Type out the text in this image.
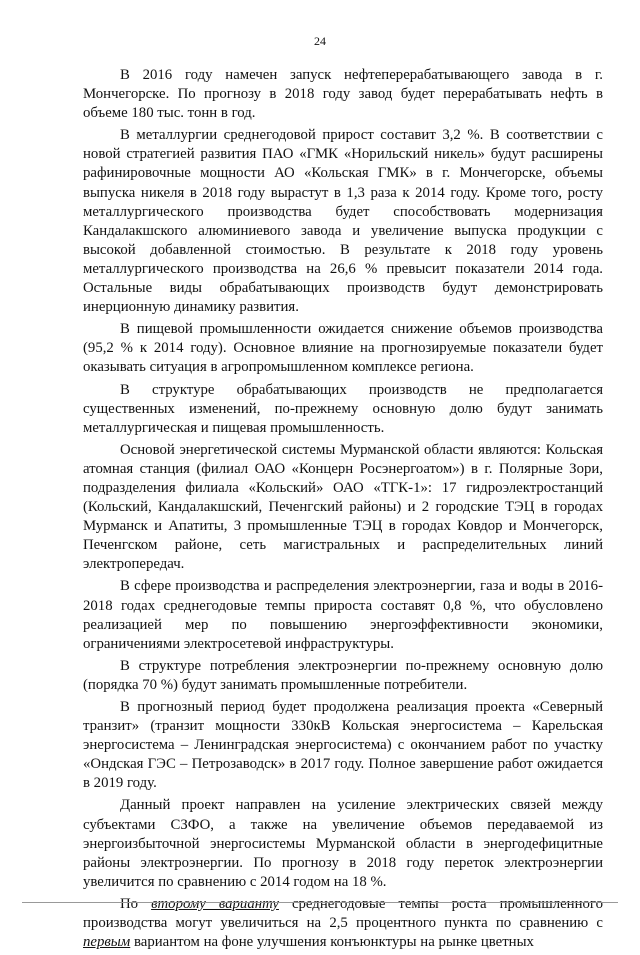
24

В 2016 году намечен запуск нефтеперерабатывающего завода в г. Мончегорске. По прогнозу в 2018 году завод будет перерабатывать нефть в объеме 180 тыс. тонн в год.

В металлургии среднегодовой прирост составит 3,2 %. В соответствии с новой стратегией развития ПАО «ГМК «Норильский никель» будут расширены рафинировочные мощности АО «Кольская ГМК» в г. Мончегорске, объемы выпуска никеля в 2018 году вырастут в 1,3 раза к 2014 году. Кроме того, росту металлургического производства будет способствовать модернизация Кандалакшского алюминиевого завода и увеличение выпуска продукции с высокой добавленной стоимостью. В результате к 2018 году уровень металлургического производства на 26,6 % превысит показатели 2014 года. Остальные виды обрабатывающих производств будут демонстрировать инерционную динамику развития.

В пищевой промышленности ожидается снижение объемов производства (95,2 % к 2014 году). Основное влияние на прогнозируемые показатели будет оказывать ситуация в агропромышленном комплексе региона.

В структуре обрабатывающих производств не предполагается существенных изменений, по-прежнему основную долю будут занимать металлургическая и пищевая промышленность.

Основой энергетической системы Мурманской области являются: Кольская атомная станция (филиал ОАО «Концерн Росэнергоатом») в г. Полярные Зори, подразделения филиала «Кольский» ОАО «ТГК-1»: 17 гидроэлектростанций (Кольский, Кандалакшский, Печенгский районы) и 2 городские ТЭЦ в городах Мурманск и Апатиты, 3 промышленные ТЭЦ в городах Ковдор и Мончегорск, Печенгском районе, сеть магистральных и распределительных линий электропередач.

В сфере производства и распределения электроэнергии, газа и воды в 2016-2018 годах среднегодовые темпы прироста составят 0,8 %, что обусловлено реализацией мер по повышению энергоэффективности экономики, ограничениями электросетевой инфраструктуры.

В структуре потребления электроэнергии по-прежнему основную долю (порядка 70 %) будут занимать промышленные потребители.

В прогнозный период будет продолжена реализация проекта «Северный транзит» (транзит мощности 330кВ Кольская энергосистема – Карельская энергосистема – Ленинградская энергосистема) с окончанием работ по участку «Ондская ГЭС – Петрозаводск» в 2017 году. Полное завершение работ ожидается в 2019 году.

Данный проект направлен на усиление электрических связей между субъектами СЗФО, а также на увеличение объемов передаваемой из энергоизбыточной энергосистемы Мурманской области в энергодефицитные районы электроэнергии. По прогнозу в 2018 году переток электроэнергии увеличится по сравнению с 2014 годом на 18 %.

По второму варианту среднегодовые темпы роста промышленного производства могут увеличиться на 2,5 процентного пункта по сравнению с первым вариантом на фоне улучшения конъюнктуры на рынке цветных
